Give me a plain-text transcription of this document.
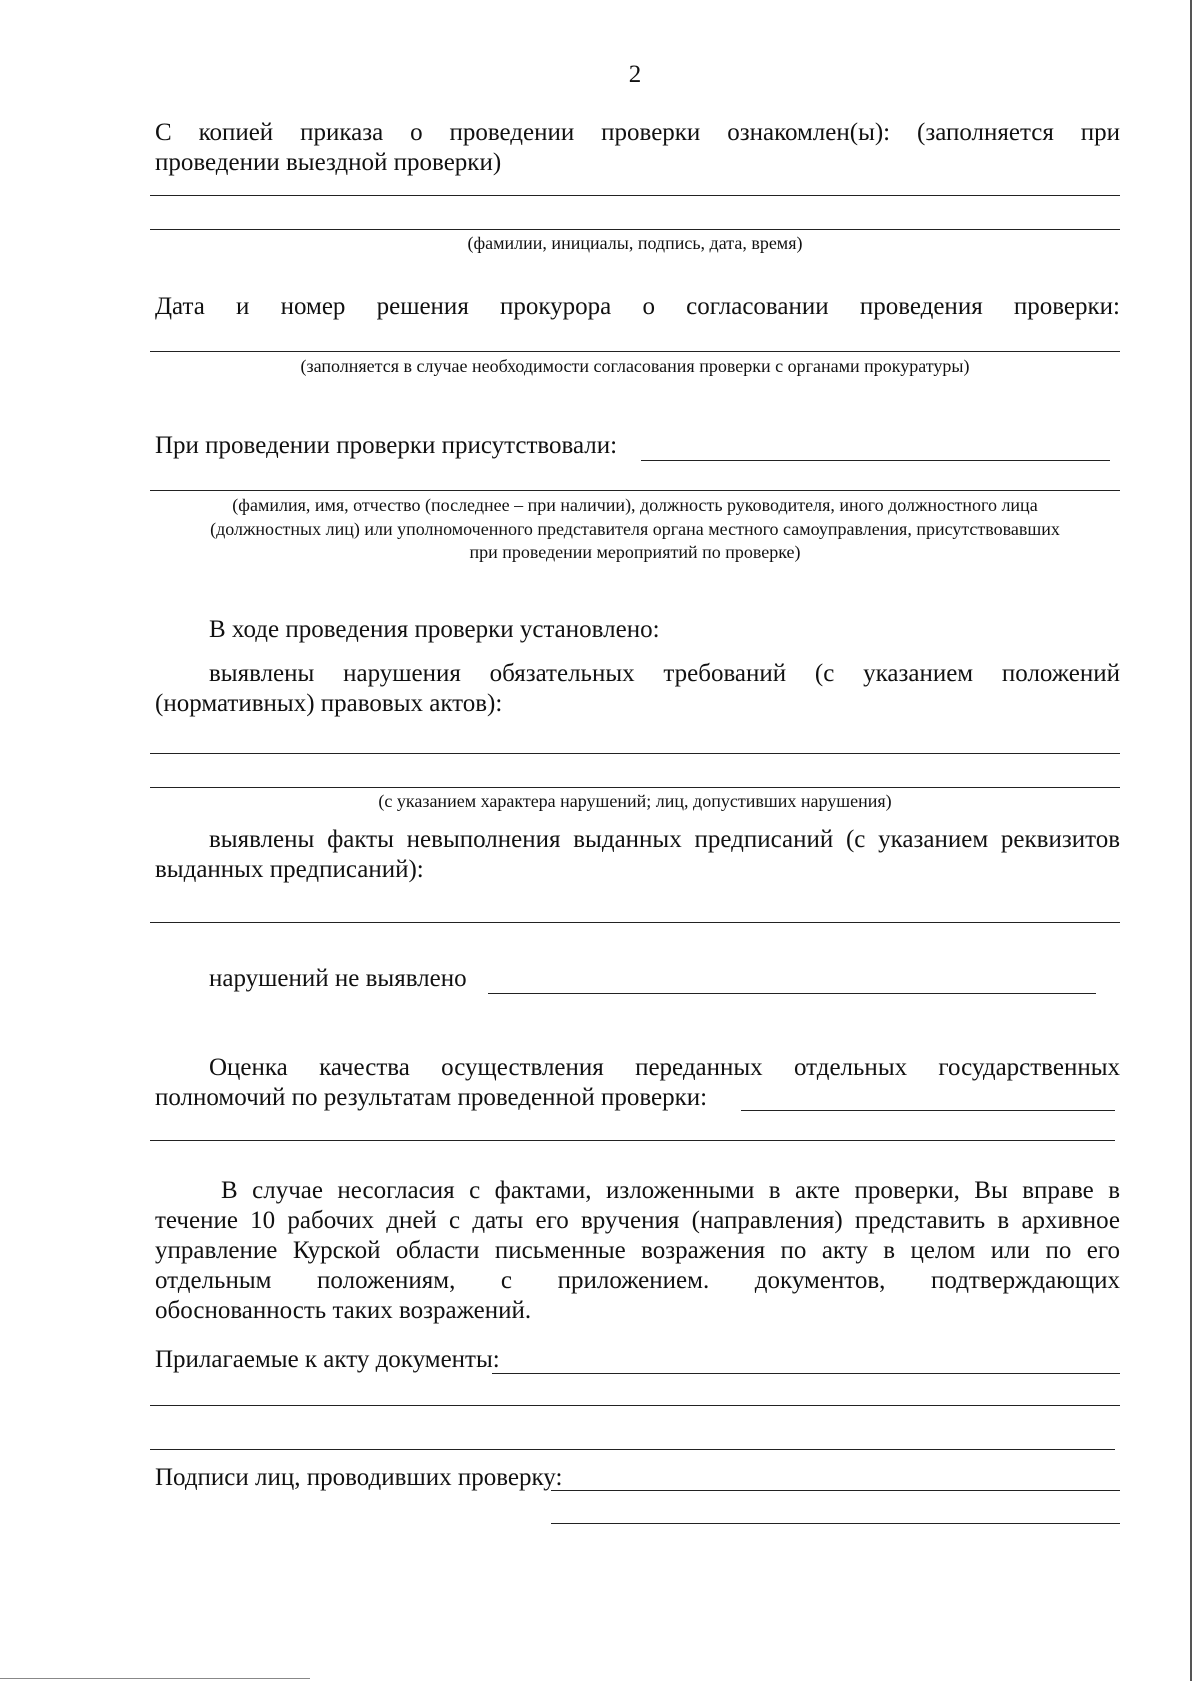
2
С копией приказа о проведении проверки ознакомлен(ы): (заполняется при
проведении выездной проверки)
(фамилии, инициалы, подпись, дата, время)
Дата и номер решения прокурора о согласовании проведения проверки:
(заполняется в случае необходимости согласования проверки с органами прокуратуры)
При проведении проверки присутствовали:
(фамилия, имя, отчество (последнее – при наличии), должность руководителя, иного должностного лица
(должностных лиц) или уполномоченного представителя органа местного самоуправления, присутствовавших
при проведении мероприятий по проверке)
В ходе проведения проверки установлено:
выявлены нарушения обязательных требований (с указанием положений
(нормативных) правовых актов):
(с указанием характера нарушений; лиц, допустивших нарушения)
выявлены факты невыполнения выданных предписаний (с указанием реквизитов
выданных предписаний):
нарушений не выявлено
Оценка качества осуществления переданных отдельных государственных
полномочий по результатам проведенной проверки:
В случае несогласия с фактами, изложенными в акте проверки, Вы вправе в
течение 10 рабочих дней с даты его вручения (направления) представить в архивное
управление Курской области письменные возражения по акту в целом или по его
отдельным положениям, с приложением. документов, подтверждающих
обоснованность таких возражений.
Прилагаемые к акту документы:
Подписи лиц, проводивших проверку:
